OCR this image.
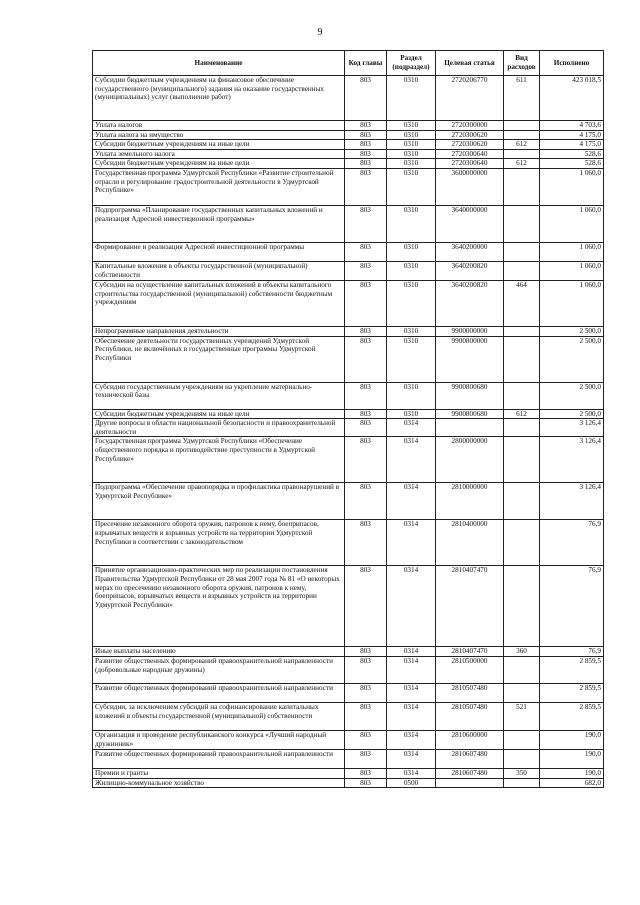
9
Наименование	Код главы	Раздел (подраздел)	Целевая статья	Вид расходов	Исполнено
Субсидии бюджетным учреждениям на финансовое обеспечение государственного (муниципального) задания на оказание государственных (муниципальных) услуг (выполнение работ)	803	0310	2720206770	611	423 018,5
Уплата налогов	803	0310	2720300000		4 703,6
Уплата налога на имущество	803	0310	2720300620		4 175,0
Субсидии бюджетным учреждениям на иные цели	803	0310	2720300620	612	4 175,0
Уплата земельного налога	803	0310	2720300640		528,6
Субсидии бюджетным учреждениям на иные цели	803	0310	2720300640	612	528,6
Государственная программа Удмуртской Республики «Развитие строительной отрасли и регулирование градостроительной деятельности в Удмуртской Республике»	803	0310	3600000000		1 060,0
Подпрограмма «Планирование государственных капитальных вложений и реализация Адресной инвестиционной программы»	803	0310	3640000000		1 060,0
Формирование и реализация Адресной инвестиционной программы	803	0310	3640200000		1 060,0
Капитальные вложения в объекты государственной (муниципальной) собственности	803	0310	3640200820		1 060,0
Субсидии на осуществление капитальных вложений в объекты капитального строительства государственной (муниципальной) собственности бюджетным учреждениям	803	0310	3640200820	464	1 060,0
Непрограммные направления деятельности	803	0310	9900000000		2 500,0
Обеспечение деятельности государственных учреждений Удмуртской Республики, не включённых в государственные программы Удмуртской Республики	803	0310	9900800000		2 500,0
Субсидии государственным учреждениям на укрепление материально-технической базы	803	0310	9900800680		2 500,0
Субсидии бюджетным учреждениям на иные цели	803	0310	9900800680	612	2 500,0
Другие вопросы в области национальной безопасности и правоохранительной деятельности	803	0314			3 126,4
Государственная программа Удмуртской Республики «Обеспечение общественного порядка и противодействие преступности в Удмуртской Республике»	803	0314	2800000000		3 126,4
Подпрограмма «Обеспечение правопорядка и профилактика правонарушений в Удмуртской Республике»	803	0314	2810000000		3 126,4
Пресечение незаконного оборота оружия, патронов к нему, боеприпасов, взрывчатых веществ и взрывных устройств на территории Удмуртской Республики в соответствии с законодательством	803	0314	2810400000		76,9
Принятие организационно-практических мер по реализации постановления Правительства Удмуртской Республики от 28 мая 2007 года № 81 «О некоторых мерах по пресечению незаконного оборота оружия, патронов к нему, боеприпасов, взрывчатых веществ и взрывных устройств на территории Удмуртской Республики»	803	0314	2810407470		76,9
Иные выплаты населению	803	0314	2810407470	360	76,9
Развитие общественных формирований правоохранительной направленности (добровольные народные дружины)	803	0314	2810500000		2 859,5
Развитие общественных формирований правоохранительной направленности	803	0314	2810507480		2 859,5
Субсидии, за исключением субсидий на софинансирование капитальных вложений в объекты государственной (муниципальной) собственности	803	0314	2810507480	521	2 859,5
Организация и проведение республиканского конкурса «Лучший народный дружинник»	803	0314	2810600000		190,0
Развитие общественных формирований правоохранительной направленности	803	0314	2810607480		190,0
Премии и гранты	803	0314	2810607480	350	190,0
Жилищно-коммунальное хозяйство	803	0500			682,0
